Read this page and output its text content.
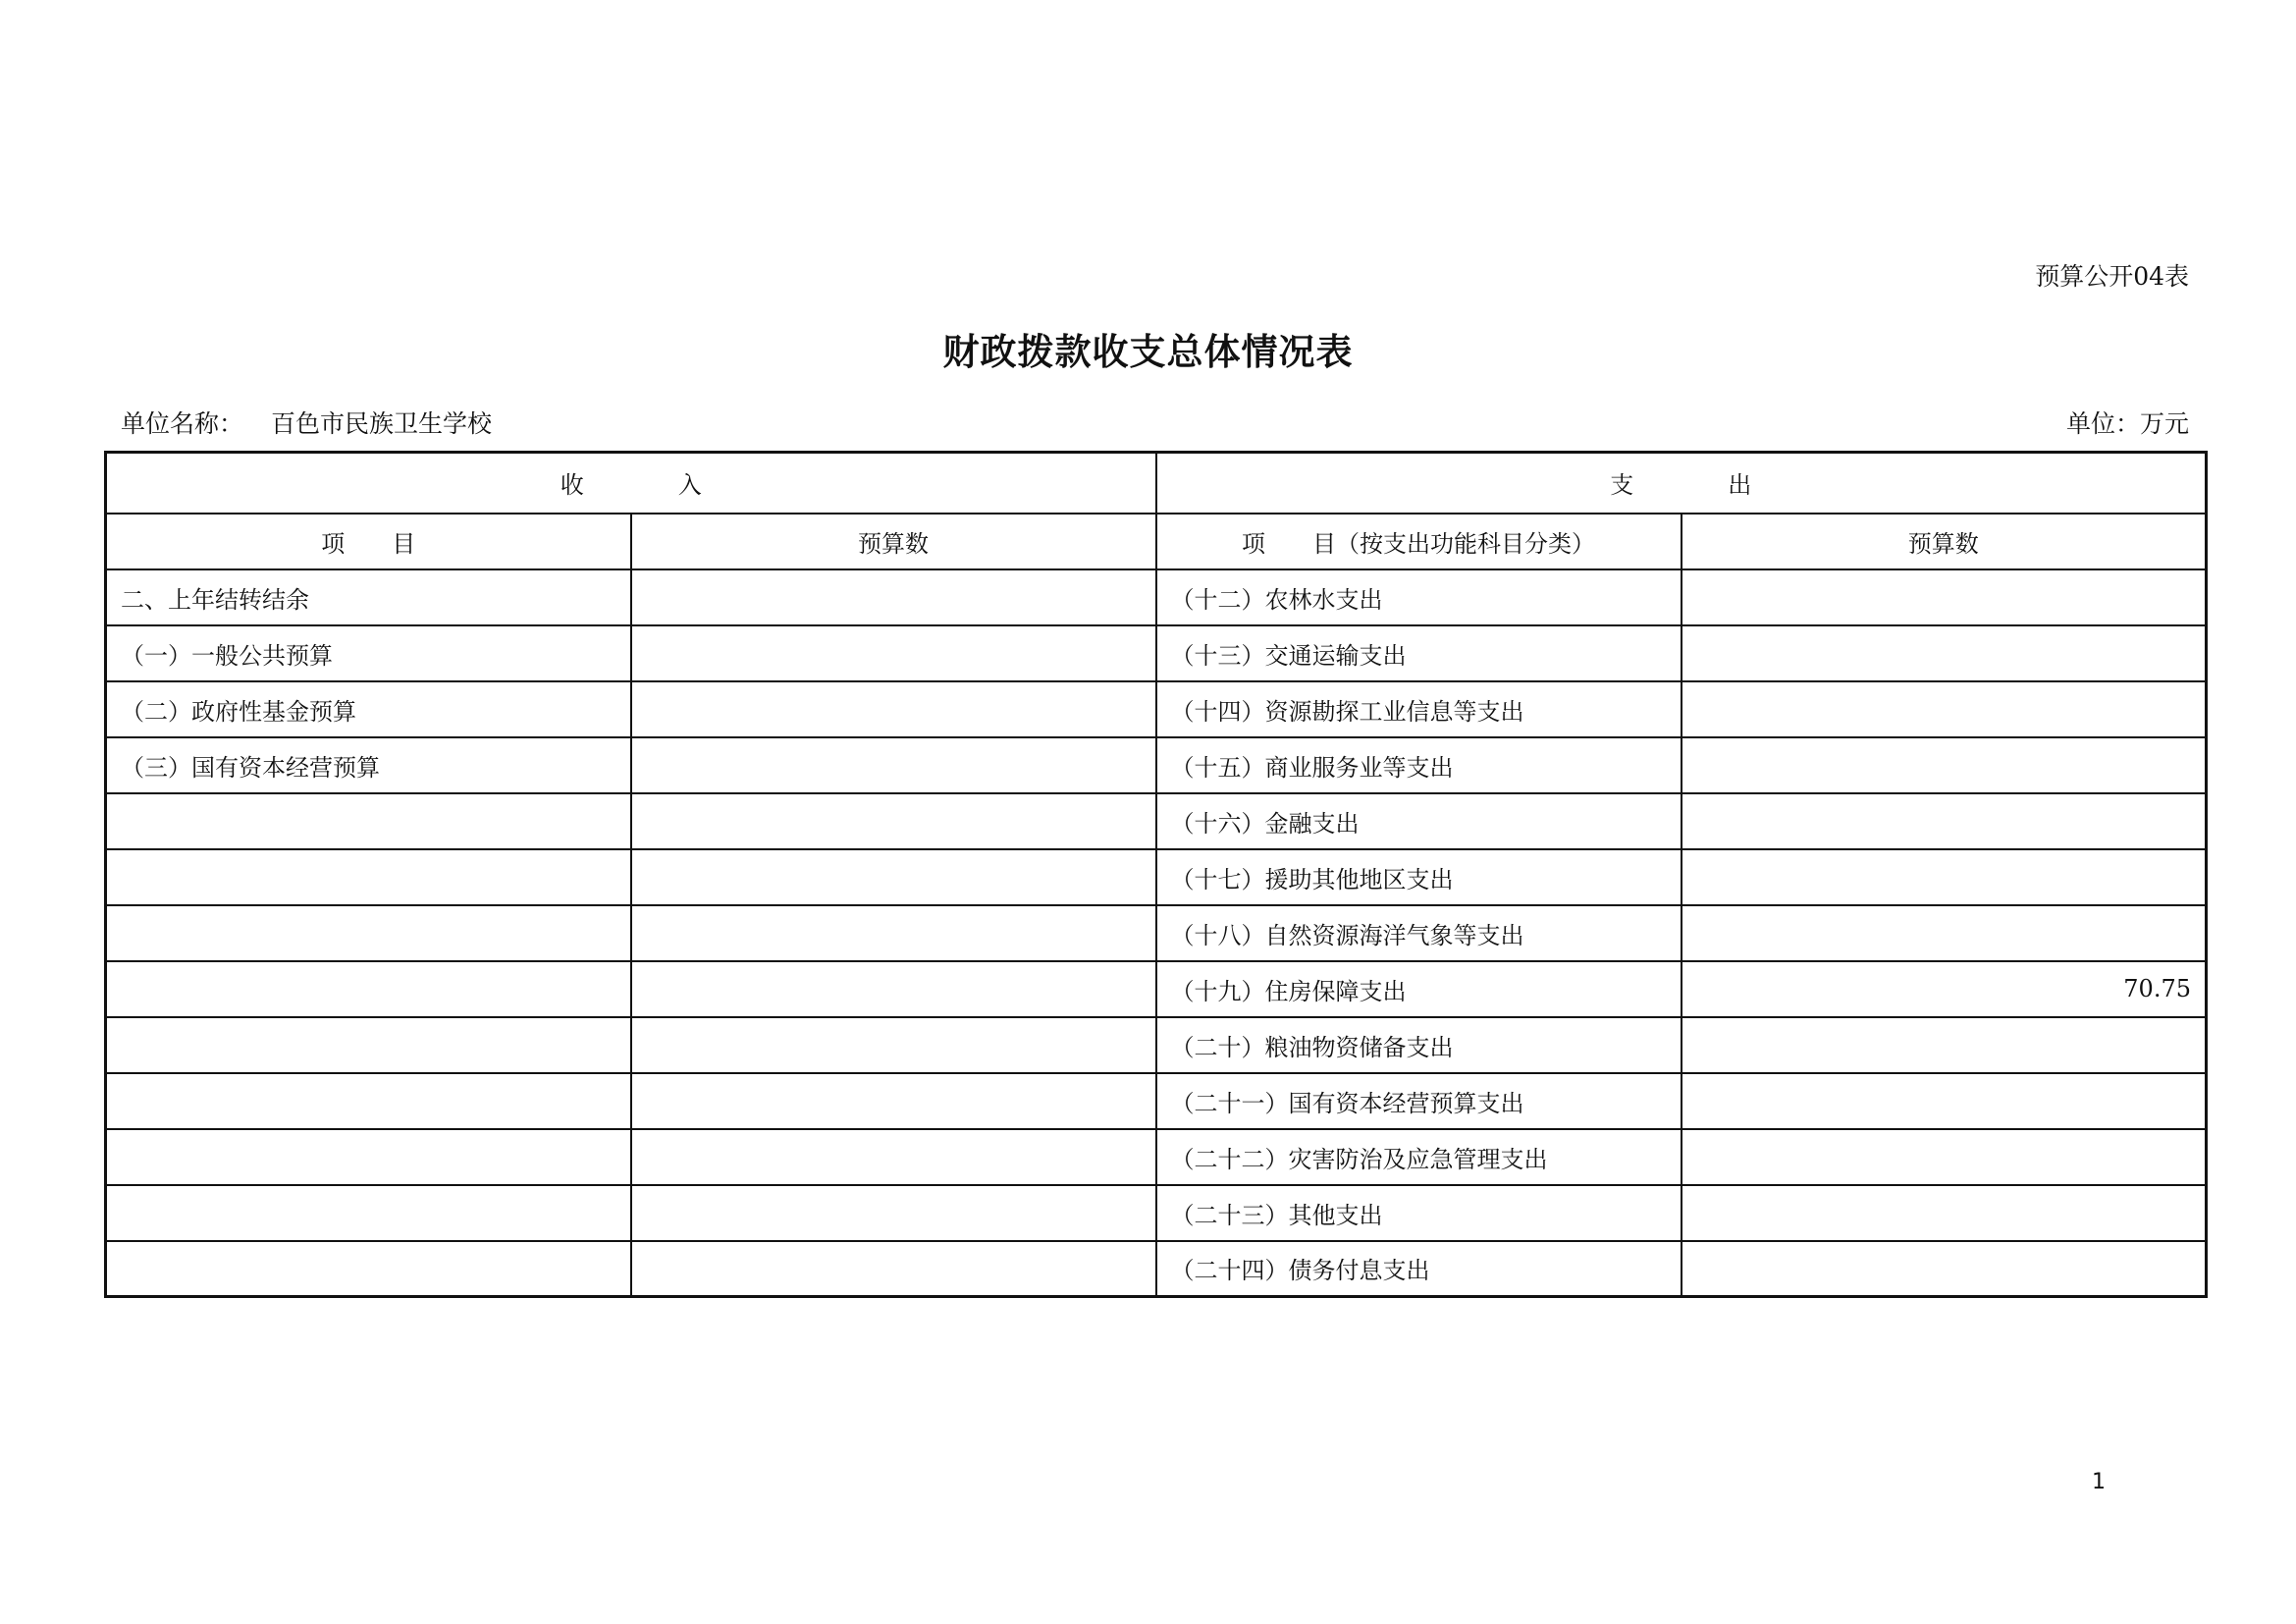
预算公开04表
财政拨款收支总体情况表
单位名称： 百色市民族卫生学校	单位：万元
收　　　　入		支　　　　出	
项　　目	预算数	项　　目（按支出功能科目分类）	预算数
二、上年结转结余		（十二）农林水支出	
（一）一般公共预算		（十三）交通运输支出	
（二）政府性基金预算		（十四）资源勘探工业信息等支出	
（三）国有资本经营预算		（十五）商业服务业等支出	
		（十六）金融支出	
		（十七）援助其他地区支出	
		（十八）自然资源海洋气象等支出	
		（十九）住房保障支出	70.75
		（二十）粮油物资储备支出	
		（二十一）国有资本经营预算支出	
		（二十二）灾害防治及应急管理支出	
		（二十三）其他支出	
		（二十四）债务付息支出	
1
